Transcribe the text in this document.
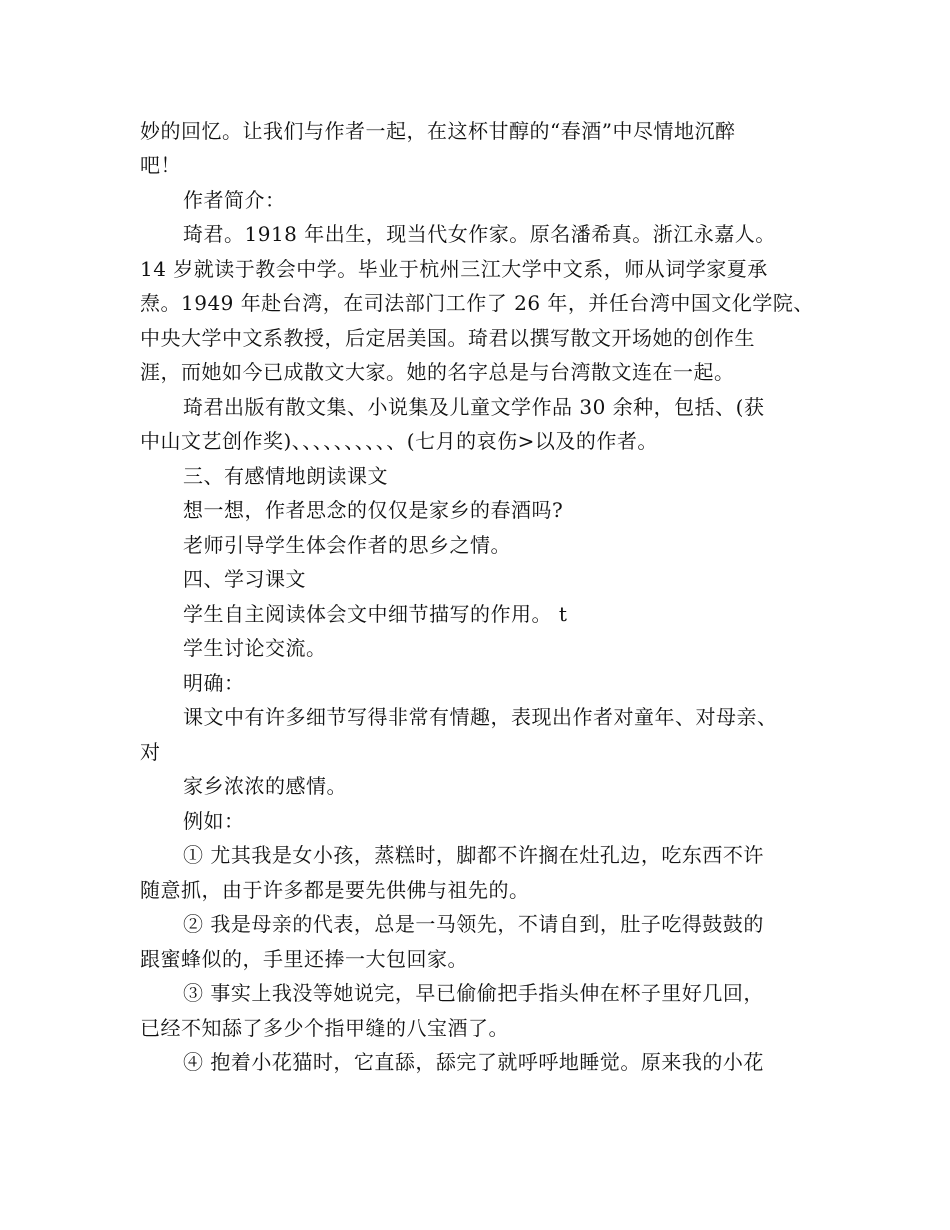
妙的回忆。让我们与作者一起，在这杯甘醇的“春酒”中尽情地沉醉
吧！
作者简介：
琦君。1918 年出生，现当代女作家。原名潘希真。浙江永嘉人。
14 岁就读于教会中学。毕业于杭州三江大学中文系，师从词学家夏承
焘。1949 年赴台湾，在司法部门工作了 26 年，并任台湾中国文化学院、
中央大学中文系教授，后定居美国。琦君以撰写散文开场她的创作生
涯，而她如今已成散文大家。她的名字总是与台湾散文连在一起。
琦君出版有散文集、小说集及儿童文学作品 30 余种，包括、(获
中山文艺创作奖)、、、、、、、、、、(七月的哀伤>以及的作者。
三、有感情地朗读课文
想一想，作者思念的仅仅是家乡的春酒吗?
老师引导学生体会作者的思乡之情。
四、学习课文
学生自主阅读体会文中细节描写的作用。 t
学生讨论交流。
明确：
课文中有许多细节写得非常有情趣，表现出作者对童年、对母亲、
对
家乡浓浓的感情。
例如：
① 尤其我是女小孩，蒸糕时，脚都不许搁在灶孔边，吃东西不许
随意抓，由于许多都是要先供佛与祖先的。
② 我是母亲的代表，总是一马领先，不请自到，肚子吃得鼓鼓的
跟蜜蜂似的，手里还捧一大包回家。
③ 事实上我没等她说完，早已偷偷把手指头伸在杯子里好几回，
已经不知舔了多少个指甲缝的八宝酒了。
④ 抱着小花猫时，它直舔，舔完了就呼呼地睡觉。原来我的小花
